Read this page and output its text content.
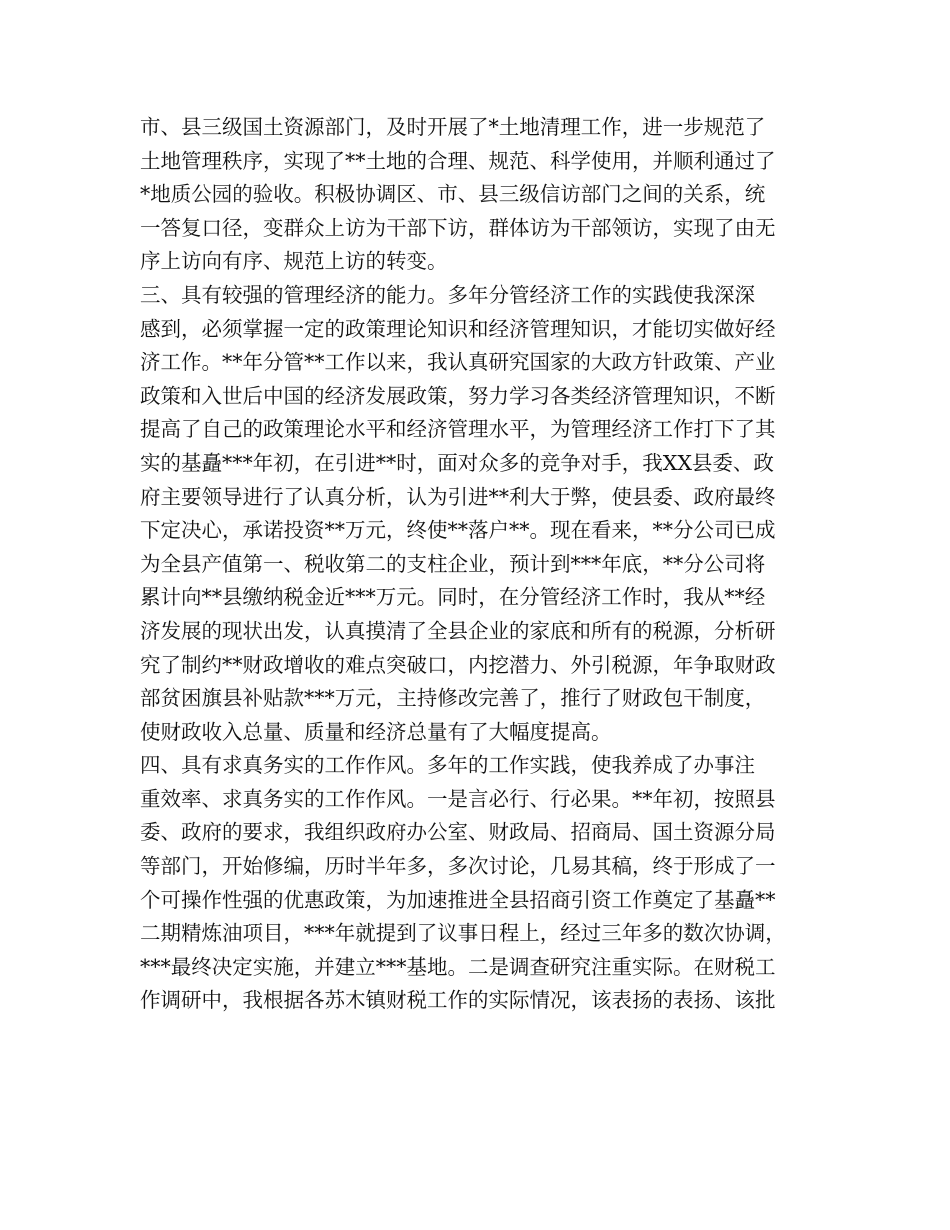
市、县三级国土资源部门，及时开展了*土地清理工作，进一步规范了
土地管理秩序，实现了**土地的合理、规范、科学使用，并顺利通过了
*地质公园的验收。积极协调区、市、县三级信访部门之间的关系，统
一答复口径，变群众上访为干部下访，群体访为干部领访，实现了由无
序上访向有序、规范上访的转变。
三、具有较强的管理经济的能力。多年分管经济工作的实践使我深深
感到，必须掌握一定的政策理论知识和经济管理知识，才能切实做好经
济工作。**年分管**工作以来，我认真研究国家的大政方针政策、产业
政策和入世后中国的经济发展政策，努力学习各类经济管理知识，不断
提高了自己的政策理论水平和经济管理水平，为管理经济工作打下了其
实的基矗***年初，在引进**时，面对众多的竞争对手，我XX县委、政
府主要领导进行了认真分析，认为引进**利大于弊，使县委、政府最终
下定决心，承诺投资**万元，终使**落户**。现在看来，**分公司已成
为全县产值第一、税收第二的支柱企业，预计到***年底，**分公司将
累计向**县缴纳税金近***万元。同时，在分管经济工作时，我从**经
济发展的现状出发，认真摸清了全县企业的家底和所有的税源，分析研
究了制约**财政增收的难点突破口，内挖潜力、外引税源，年争取财政
部贫困旗县补贴款***万元，主持修改完善了，推行了财政包干制度，
使财政收入总量、质量和经济总量有了大幅度提高。
四、具有求真务实的工作作风。多年的工作实践，使我养成了办事注
重效率、求真务实的工作作风。一是言必行、行必果。**年初，按照县
委、政府的要求，我组织政府办公室、财政局、招商局、国土资源分局
等部门，开始修编，历时半年多，多次讨论，几易其稿，终于形成了一
个可操作性强的优惠政策，为加速推进全县招商引资工作奠定了基矗**
二期精炼油项目，***年就提到了议事日程上，经过三年多的数次协调，
***最终决定实施，并建立***基地。二是调查研究注重实际。在财税工
作调研中，我根据各苏木镇财税工作的实际情况，该表扬的表扬、该批
